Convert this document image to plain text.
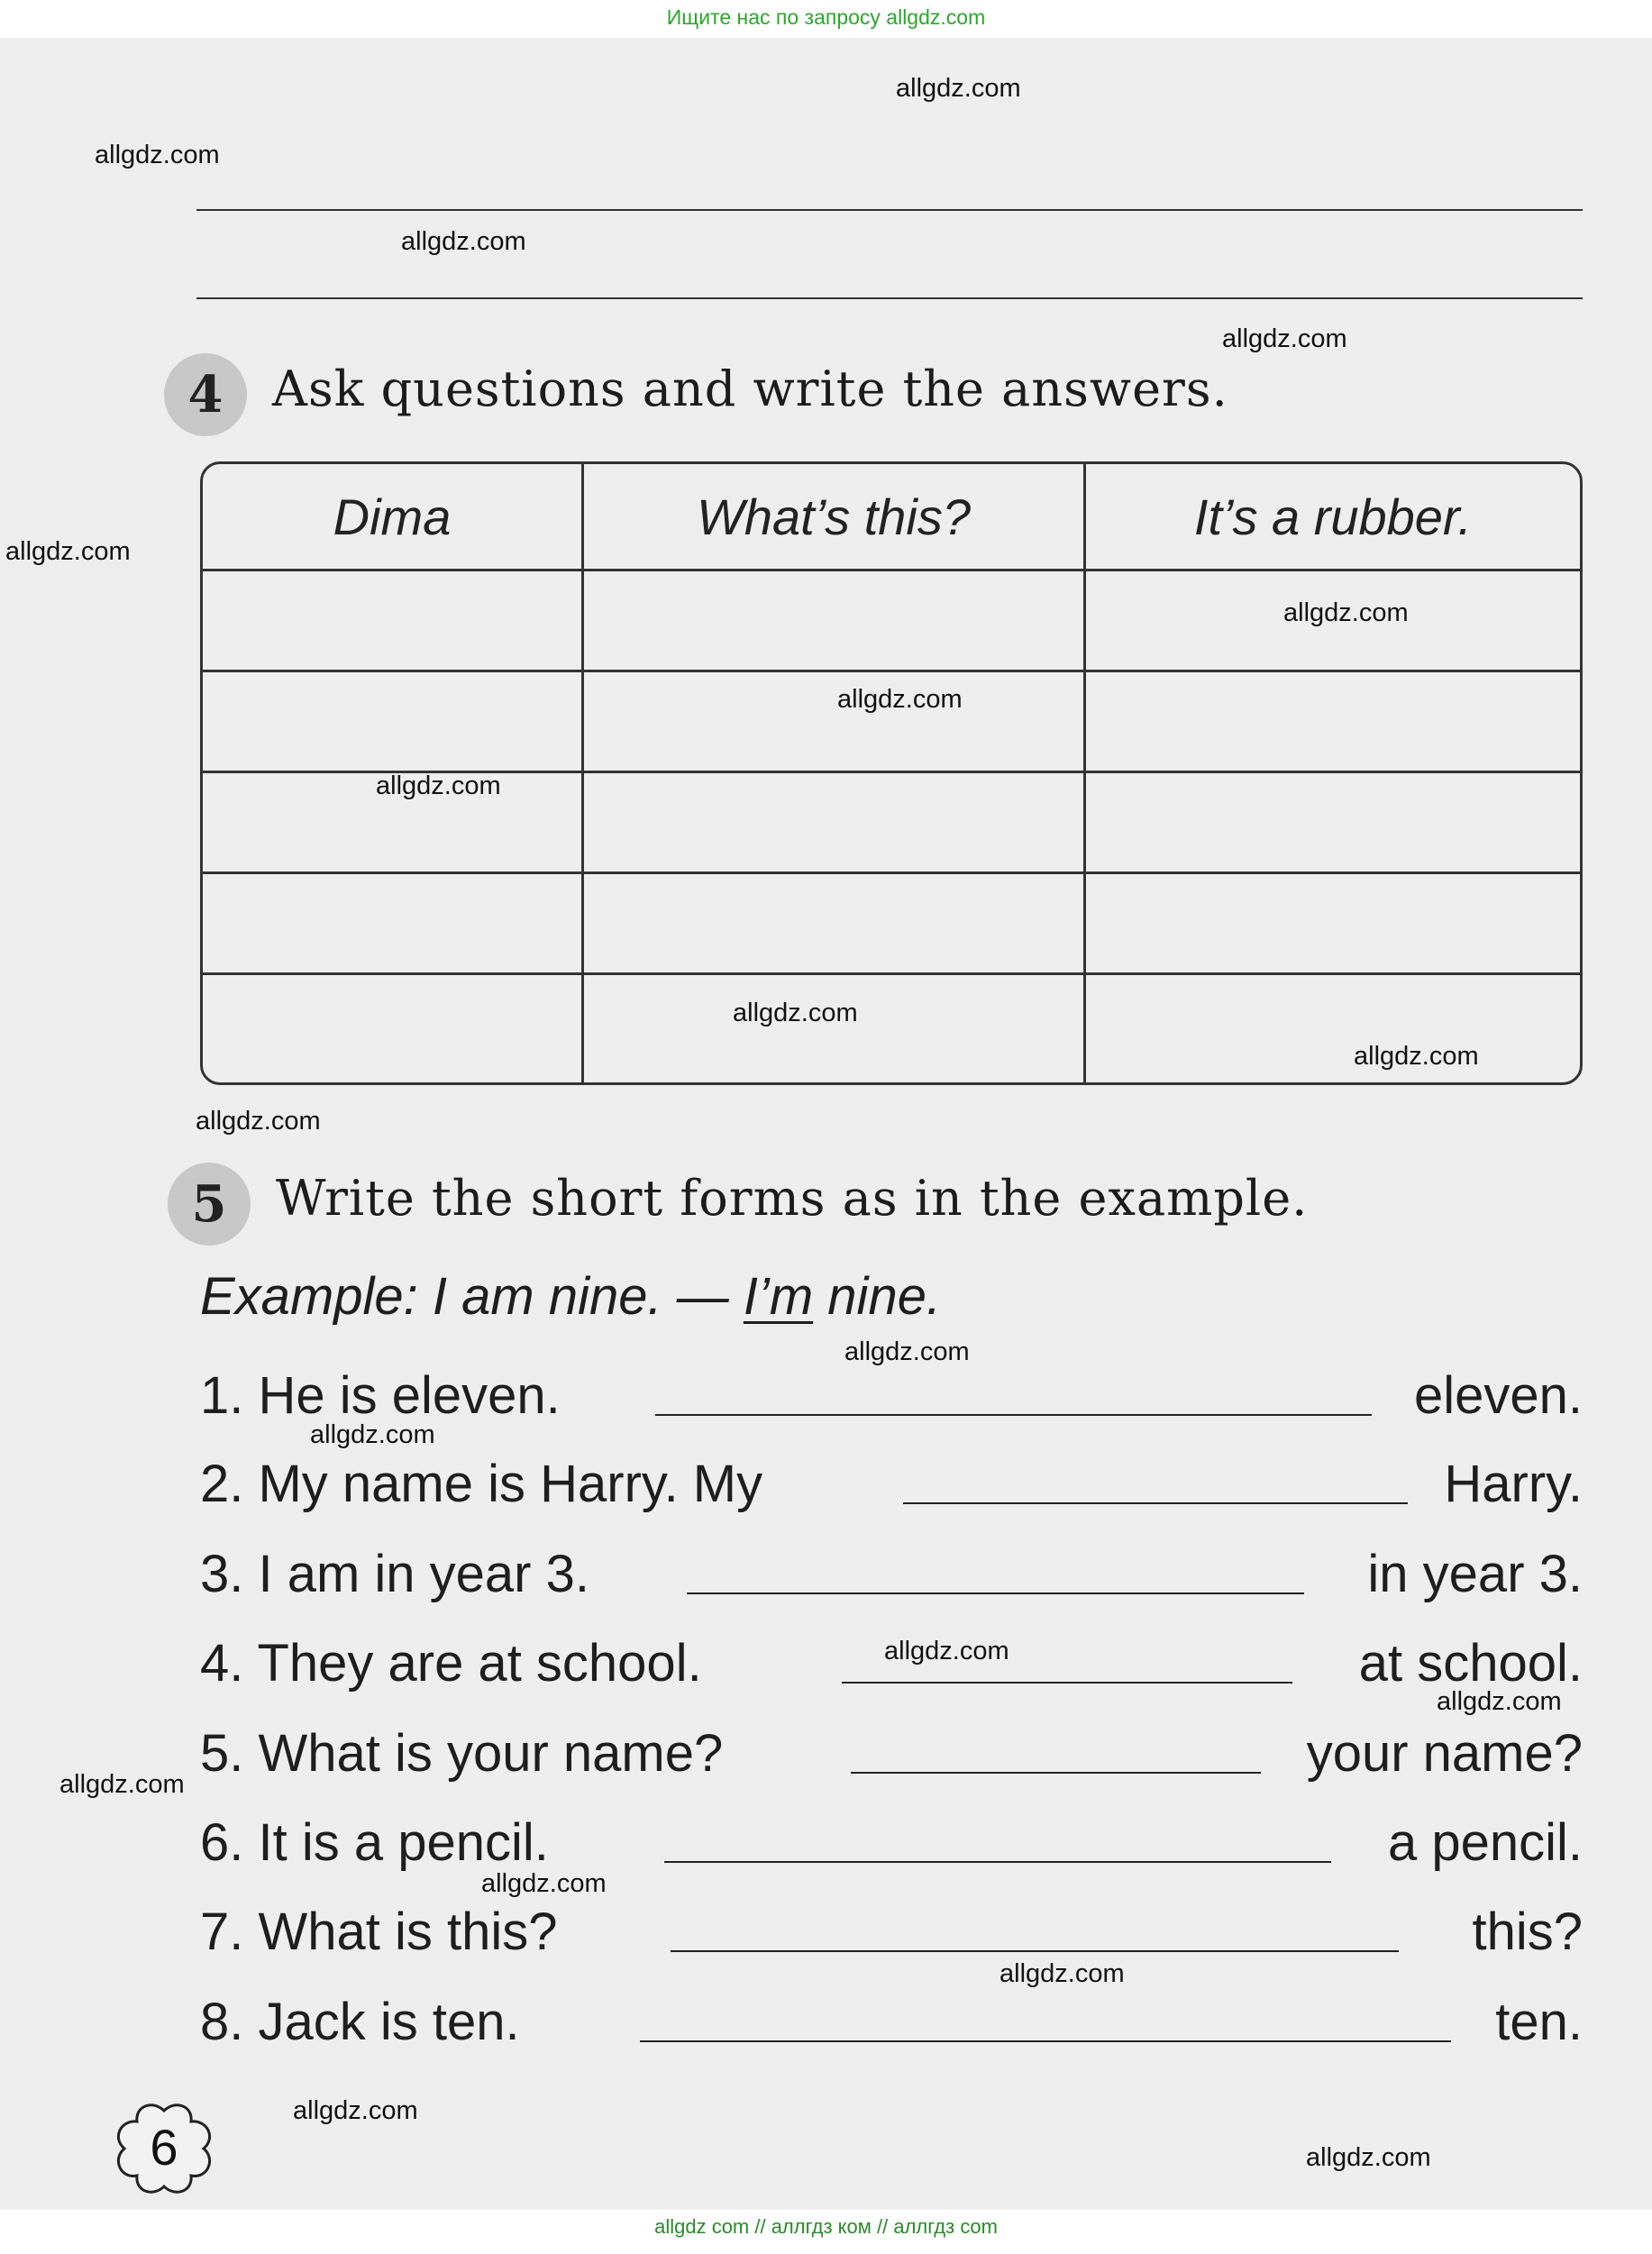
Ищите нас по запросу allgdz.com
4 Ask questions and write the answers.
Dima	What’s this?	It’s a rubber.
5 Write the short forms as in the example.
Example: I am nine. — I’m nine.
1. He is eleven.	eleven.
2. My name is Harry. My	Harry.
3. I am in year 3.	in year 3.
4. They are at school.	at school.
5. What is your name?	your name?
6. It is a pencil.	a pencil.
7. What is this?	this?
8. Jack is ten.	ten.
6
allgdz.com
allgdz.com
allgdz.com
allgdz.com
allgdz.com
allgdz.com
allgdz.com
allgdz.com
allgdz.com
allgdz.com
allgdz.com
allgdz.com
allgdz.com
allgdz.com
allgdz.com
allgdz.com
allgdz.com
allgdz.com
allgdz.com
allgdz.com
allgdz com // аллгдз ком // аллгдз com
